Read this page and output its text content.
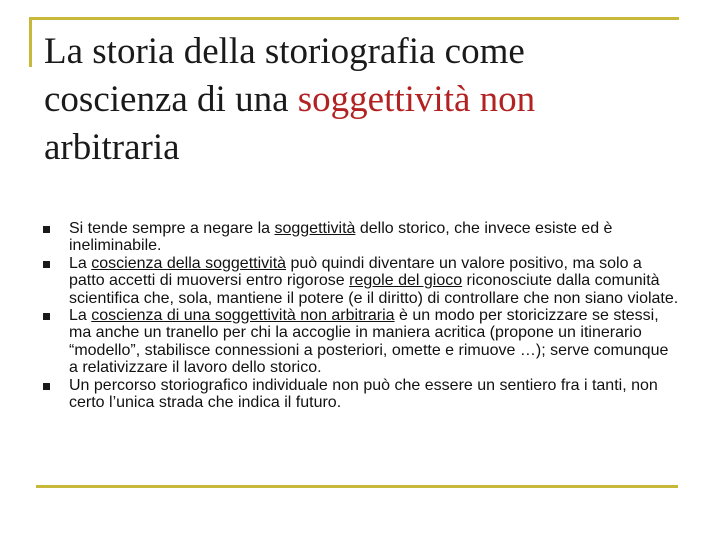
La storia della storiografia come
coscienza di una soggettività non
arbitraria
Si tende sempre a negare la soggettività dello storico, che invece esiste ed è ineliminabile.
La coscienza della soggettività può quindi diventare un valore positivo, ma solo a patto accetti di muoversi entro rigorose regole del gioco riconosciute dalla comunità scientifica che, sola, mantiene il potere (e il diritto) di controllare che non siano violate.
La coscienza di una soggettività non arbitraria è un modo per storicizzare se stessi, ma anche un tranello per chi la accoglie in maniera acritica (propone un itinerario “modello”, stabilisce connessioni a posteriori, omette e rimuove …); serve comunque a relativizzare il lavoro dello storico.
Un percorso storiografico individuale non può che essere un sentiero fra i tanti, non certo l’unica strada che indica il futuro.
